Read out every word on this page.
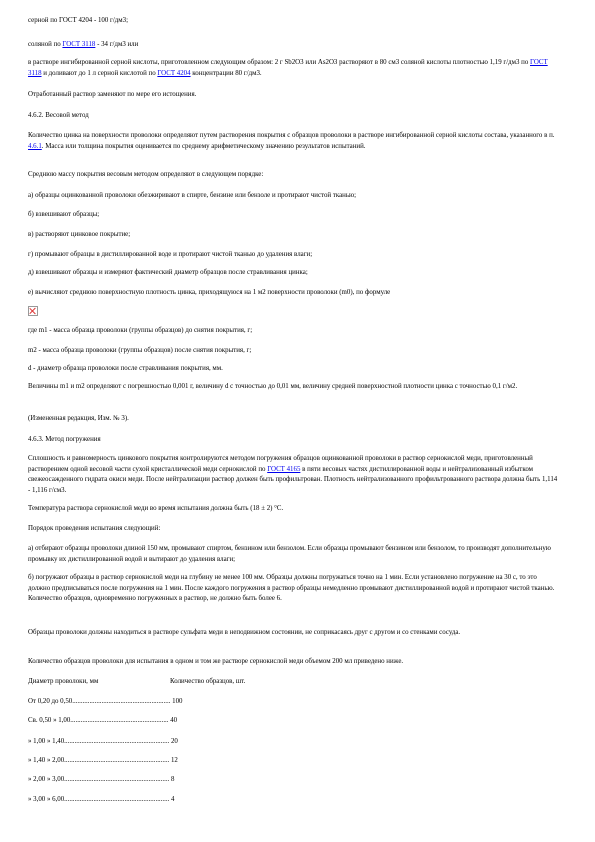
серной по ГОСТ 4204 - 100 г/дм3;

соляной по ГОСТ 3118 - 34 г/дм3 или

в растворе ингибированной серной кислоты, приготовленном следующим образом: 2 г Sb2O3 или As2O3 растворяют в 80 см3 соляной кислоты плотностью 1,19 г/дм3 по ГОСТ 3118 и доливают до 1 л серной кислотой по ГОСТ 4204 концентрации 80 г/дм3.

Отработанный раствор заменяют по мере его истощения.

4.6.2. Весовой метод

Количество цинка на поверхности проволоки определяют путем растворения покрытия с образцов проволоки в растворе ингибированной серной кислоты состава, указанного в п. 4.6.1. Масса или толщина покрытия оценивается по среднему арифметическому значению результатов испытаний.

Среднюю массу покрытия весовым методом определяют в следующем порядке:

а) образцы оцинкованной проволоки обезжиривают в спирте, бензине или бензоле и протирают чистой тканью;

б) взвешивают образцы;

в) растворяют цинковое покрытие;

г) промывают образцы в дистиллированной воде и протирают чистой тканью до удаления влаги;

д) взвешивают образцы и измеряют фактический диаметр образцов после стравливания цинка;

е) вычисляют среднюю поверхностную плотность цинка, приходящуюся на 1 м2 поверхности проволоки (m0), по формуле

где m1 - масса образца проволоки (группы образцов) до снятия покрытия, г;

m2 - масса образца проволоки (группы образцов) после снятия покрытия, г;

d - диаметр образца проволоки после стравливания покрытия, мм.

Величины m1 и m2 определяют с погрешностью 0,001 г, величину d с точностью до 0,01 мм, величину средней поверхностной плотности цинка с точностью 0,1 г/м2.

(Измененная редакция, Изм. № 3).

4.6.3. Метод погружения

Сплошность и равномерность цинкового покрытия контролируются методом погружения образцов оцинкованной проволоки в раствор сернокислой меди, приготовленный растворением одной весовой части сухой кристаллической меди сернокислой по ГОСТ 4165 в пяти весовых частях дистиллированной воды и нейтрализованный избытком свежеосажденного гидрата окиси меди. После нейтрализации раствор должен быть профильтрован. Плотность нейтрализованного профильтрованного раствора должна быть 1,114 - 1,116 г/см3.

Температура раствора сернокислой меди во время испытания должна быть (18 ± 2) °С.

Порядок проведения испытания следующий:

а) отбирают образцы проволоки длиной 150 мм, промывают спиртом, бензином или бензолом. Если образцы промывают бензином или бензолом, то производят дополнительную промывку их дистиллированной водой и вытирают до удаления влаги;

б) погружают образцы в раствор сернокислой меди на глубину не менее 100 мм. Образцы должны погружаться точно на 1 мин. Если установлено погружение на 30 с, то это должно предписываться после погружения на 1 мин. После каждого погружения в раствор образцы немедленно промывают дистиллированной водой и протирают чистой тканью. Количество образцов, одновременно погруженных в раствор, не должно быть более 6.

Образцы проволоки должны находиться в растворе сульфата меди в неподвижном состоянии, не соприкасаясь друг с другом и со стенками сосуда.

Количество образцов проволоки для испытания в одном и том же растворе сернокислой меди объемом 200 мл приведено ниже.

Диаметр проволоки, мм	Количество образцов, шт.

От 0,20 до 0,50......................................................... 100

Св. 0,50 » 1,00......................................................... 40

» 1,00 » 1,40............................................................. 20

» 1,40 » 2,00............................................................. 12

» 2,00 » 3,00............................................................. 8

» 3,00 » 6,00............................................................. 4
